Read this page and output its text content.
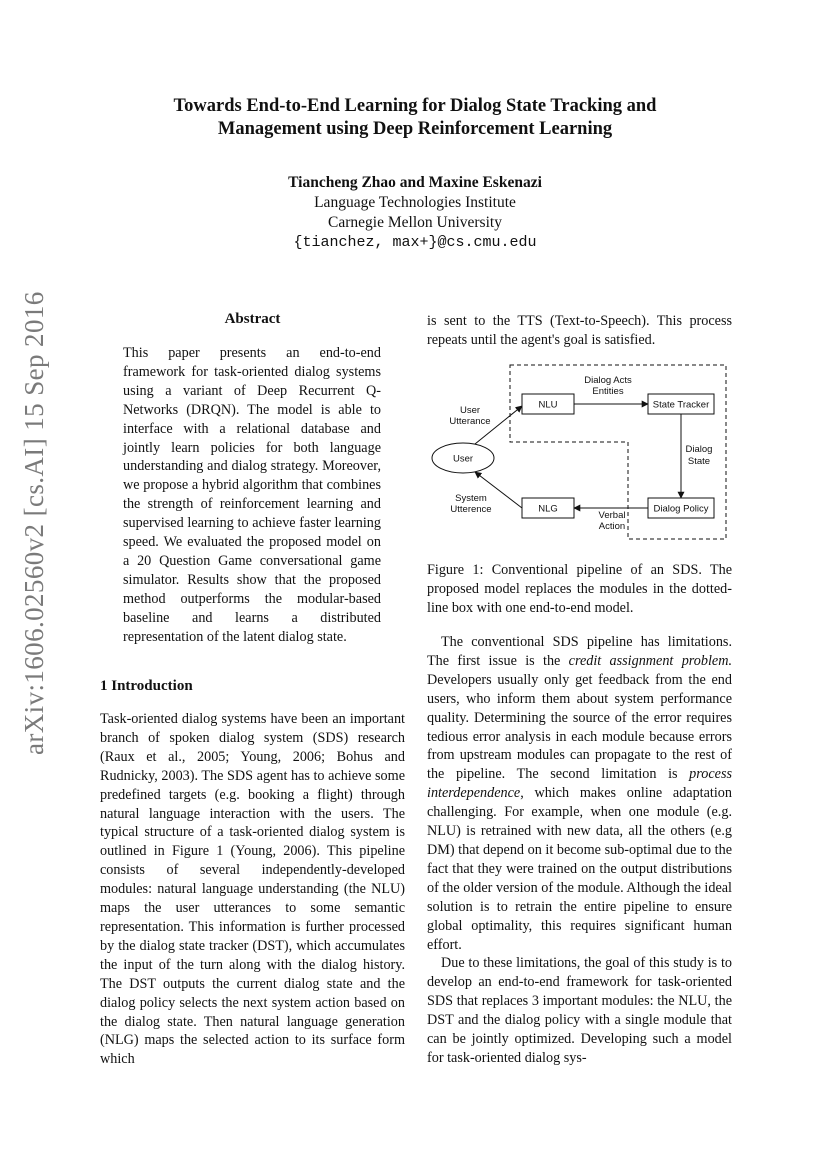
Towards End-to-End Learning for Dialog State Tracking and
Management using Deep Reinforcement Learning
Tiancheng Zhao and Maxine Eskenazi
Language Technologies Institute
Carnegie Mellon University
{tianchez, max+}@cs.cmu.edu
arXiv:1606.02560v2 [cs.AI] 15 Sep 2016	Abstract
This paper presents an end-to-end framework for task-oriented dialog systems using a variant of Deep Recurrent Q-Networks (DRQN). The model is able to interface with a relational database and jointly learn policies for both language understanding and dialog strategy. Moreover, we propose a hybrid algorithm that combines the strength of reinforcement learning and supervised learning to achieve faster learning speed. We evaluated the proposed model on a 20 Question Game conversational game simulator. Results show that the proposed method outperforms the modular-based baseline and learns a distributed representation of the latent dialog state.
1 Introduction
Task-oriented dialog systems have been an important branch of spoken dialog system (SDS) research (Raux et al., 2005; Young, 2006; Bohus and Rudnicky, 2003). The SDS agent has to achieve some predefined targets (e.g. booking a flight) through natural language interaction with the users. The typical structure of a task-oriented dialog system is outlined in Figure 1 (Young, 2006). This pipeline consists of several independently-developed modules: natural language understanding (the NLU) maps the user utterances to some semantic representation. This information is further processed by the dialog state tracker (DST), which accumulates the input of the turn along with the dialog history. The DST outputs the current dialog state and the dialog policy selects the next system action based on the dialog state. Then natural language generation (NLG) maps the selected action to its surface form which
is sent to the TTS (Text-to-Speech). This process repeats until the agent's goal is satisfied.
NLU	State Tracker
Dialog Acts
Entities
Dialog
State
Dialog Policy
NLG
Verbal
Action
User
User
Utterance
System
Utterence
Figure 1: Conventional pipeline of an SDS. The proposed model replaces the modules in the dotted-line box with one end-to-end model.

The conventional SDS pipeline has limitations. The first issue is the credit assignment problem. Developers usually only get feedback from the end users, who inform them about system performance quality. Determining the source of the error requires tedious error analysis in each module because errors from upstream modules can propagate to the rest of the pipeline. The second limitation is process interdependence, which makes online adaptation challenging. For example, when one module (e.g. NLU) is retrained with new data, all the others (e.g DM) that depend on it become sub-optimal due to the fact that they were trained on the output distributions of the older version of the module. Although the ideal solution is to retrain the entire pipeline to ensure global optimality, this requires significant human effort.

Due to these limitations, the goal of this study is to develop an end-to-end framework for task-oriented SDS that replaces 3 important modules: the NLU, the DST and the dialog policy with a single module that can be jointly optimized. Developing such a model for task-oriented dialog sys-
